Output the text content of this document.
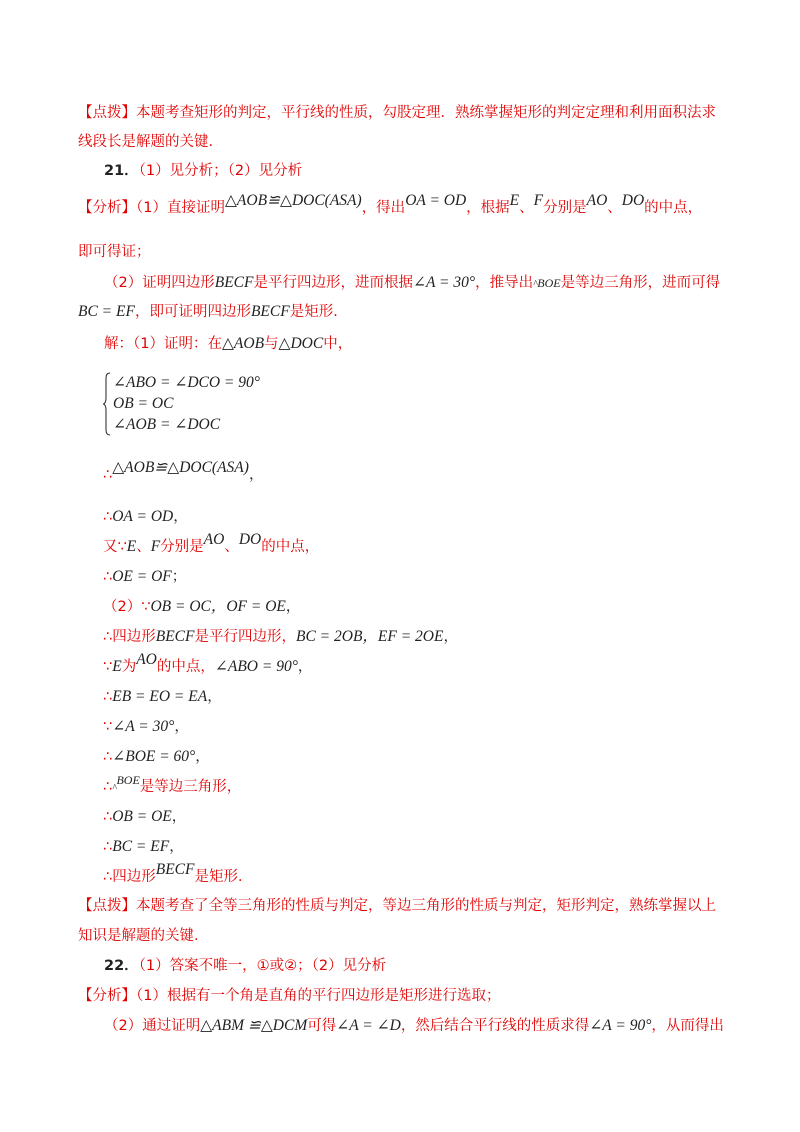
【点拨】本题考查矩形的判定，平行线的性质，勾股定理．熟练掌握矩形的判定定理和利用面积法求
线段长是解题的关键．
21．（1）见分析；（2）见分析
【分析】（1）直接证明△AOB≌△DOC(ASA)，得出OA = OD，根据E、F分别是AO、DO的中点，
即可得证；
（2）证明四边形BECF是平行四边形，进而根据∠A = 30°，推导出^BOE是等边三角形，进而可得
BC = EF，即可证明四边形BECF是矩形．
解：（1）证明：在△AOB与△DOC中，
∠ABO = ∠DCO = 90°
OB = OC
∠AOB = ∠DOC
∴△AOB≌△DOC(ASA)，
∴OA = OD，
又∵E、F分别是AO、DO的中点，
∴OE = OF；
（2）∵OB = OC，OF = OE，
∴四边形BECF是平行四边形，BC = 2OB，EF = 2OE，
∵E为AO的中点，∠ABO = 90°，
∴EB = EO = EA，
∵∠A = 30°，
∴∠BOE = 60°，
∴^$^{BOE}$是等边三角形，
∴OB = OE，
∴BC = EF，
∴四边形BECF是矩形．
【点拨】本题考查了全等三角形的性质与判定，等边三角形的性质与判定，矩形判定，熟练掌握以上
知识是解题的关键．
22．（1）答案不唯一，①或②；（2）见分析
【分析】（1）根据有一个角是直角的平行四边形是矩形进行选取；
（2）通过证明△ABM ≌△DCM可得∠A = ∠D，然后结合平行线的性质求得∠A = 90°，从而得出
